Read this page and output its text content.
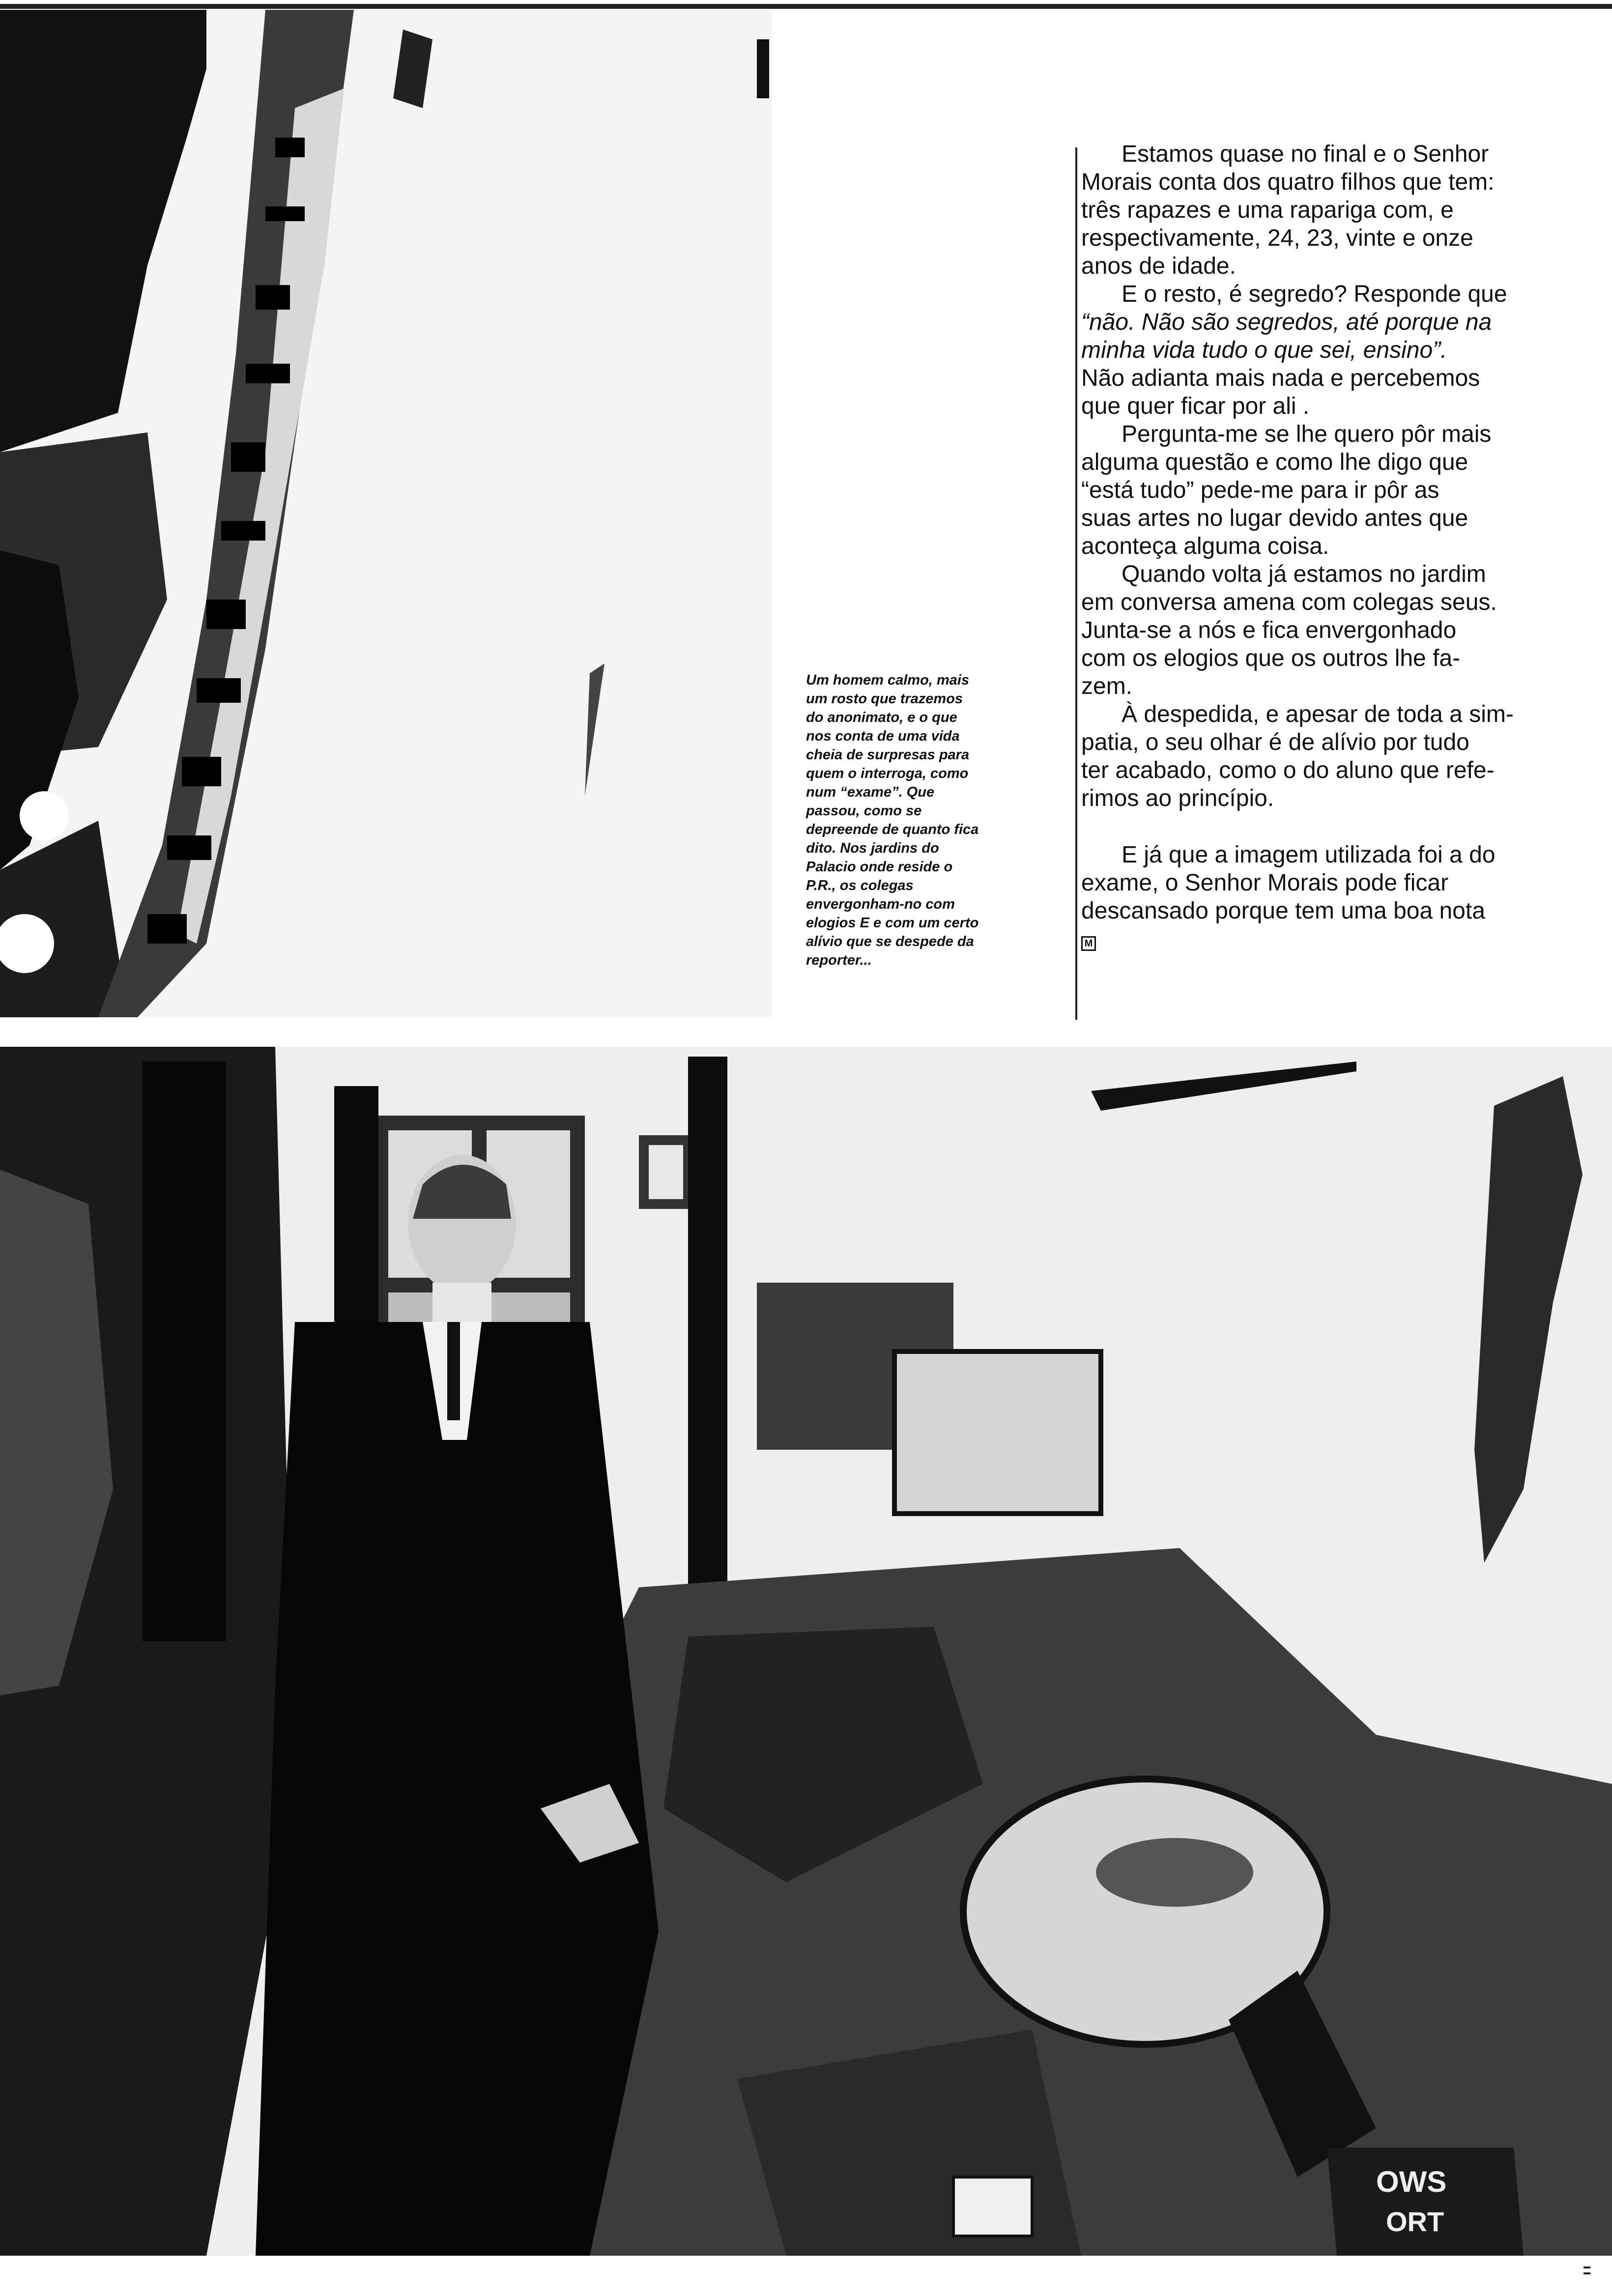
Um homem calmo, mais
um rosto que trazemos
do anonimato, e o que
nos conta de uma vida
cheia de surpresas para
quem o interroga, como
num “exame”. Que
passou, como se
depreende de quanto fica
dito. Nos jardins do
Palacio onde reside o
P.R., os colegas
envergonham-no com
elogios E e com um certo
alívio que se despede da
reporter...
Estamos quase no final e o Senhor
Morais conta dos quatro filhos que tem:
três rapazes e uma rapariga com, e
respectivamente, 24, 23, vinte e onze
anos de idade.
E o resto, é segredo? Responde que
“não. Não são segredos, até porque na
minha vida tudo o que sei, ensino”.
Não adianta mais nada e percebemos
que quer ficar por ali .
Pergunta-me se lhe quero pôr mais
alguma questão e como lhe digo que
“está tudo” pede-me para ir pôr as
suas artes no lugar devido antes que
aconteça alguma coisa.
Quando volta já estamos no jardim
em conversa amena com colegas seus.
Junta-se a nós e fica envergonhado
com os elogios que os outros lhe fa-
zem.
À despedida, e apesar de toda a sim-
patia, o seu olhar é de alívio por tudo
ter acabado, como o do aluno que refe-
rimos ao princípio.
E já que a imagem utilizada foi a do
exame, o Senhor Morais pode ficar
descansado porque tem uma boa nota
M
OWS
ORT
